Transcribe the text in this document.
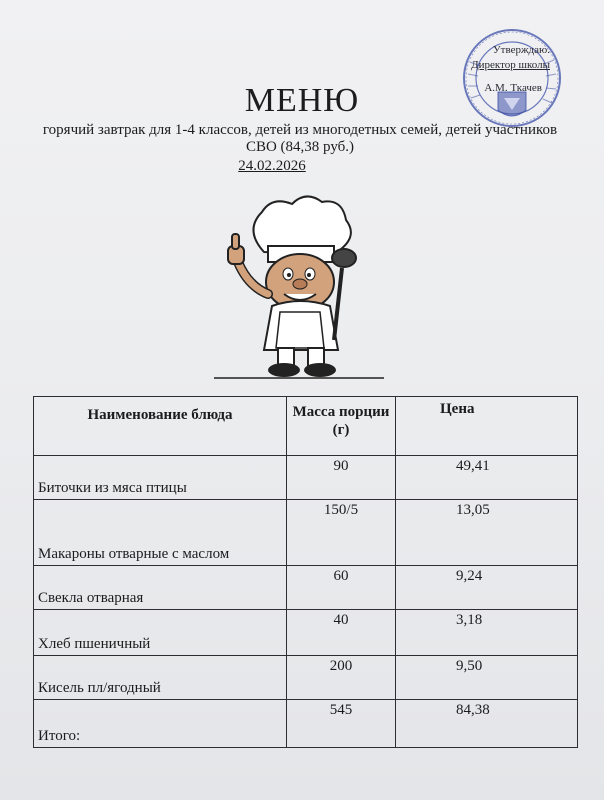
Утверждаю.
Директор школы
А.М. Ткачев
МЕНЮ
горячий завтрак для 1-4 классов, детей из многодетных семей, детей участников СВО (84,38 руб.)
24.02.2026
Наименование блюда	Масса порции (г)	Цена

Биточки из мяса птицы	90	49,41

Макароны отварные с маслом	150/5	13,05

Свекла отварная	60	9,24

Хлеб пшеничный	40	3,18

Кисель пл/ягодный	200	9,50

Итого:	545	84,38
